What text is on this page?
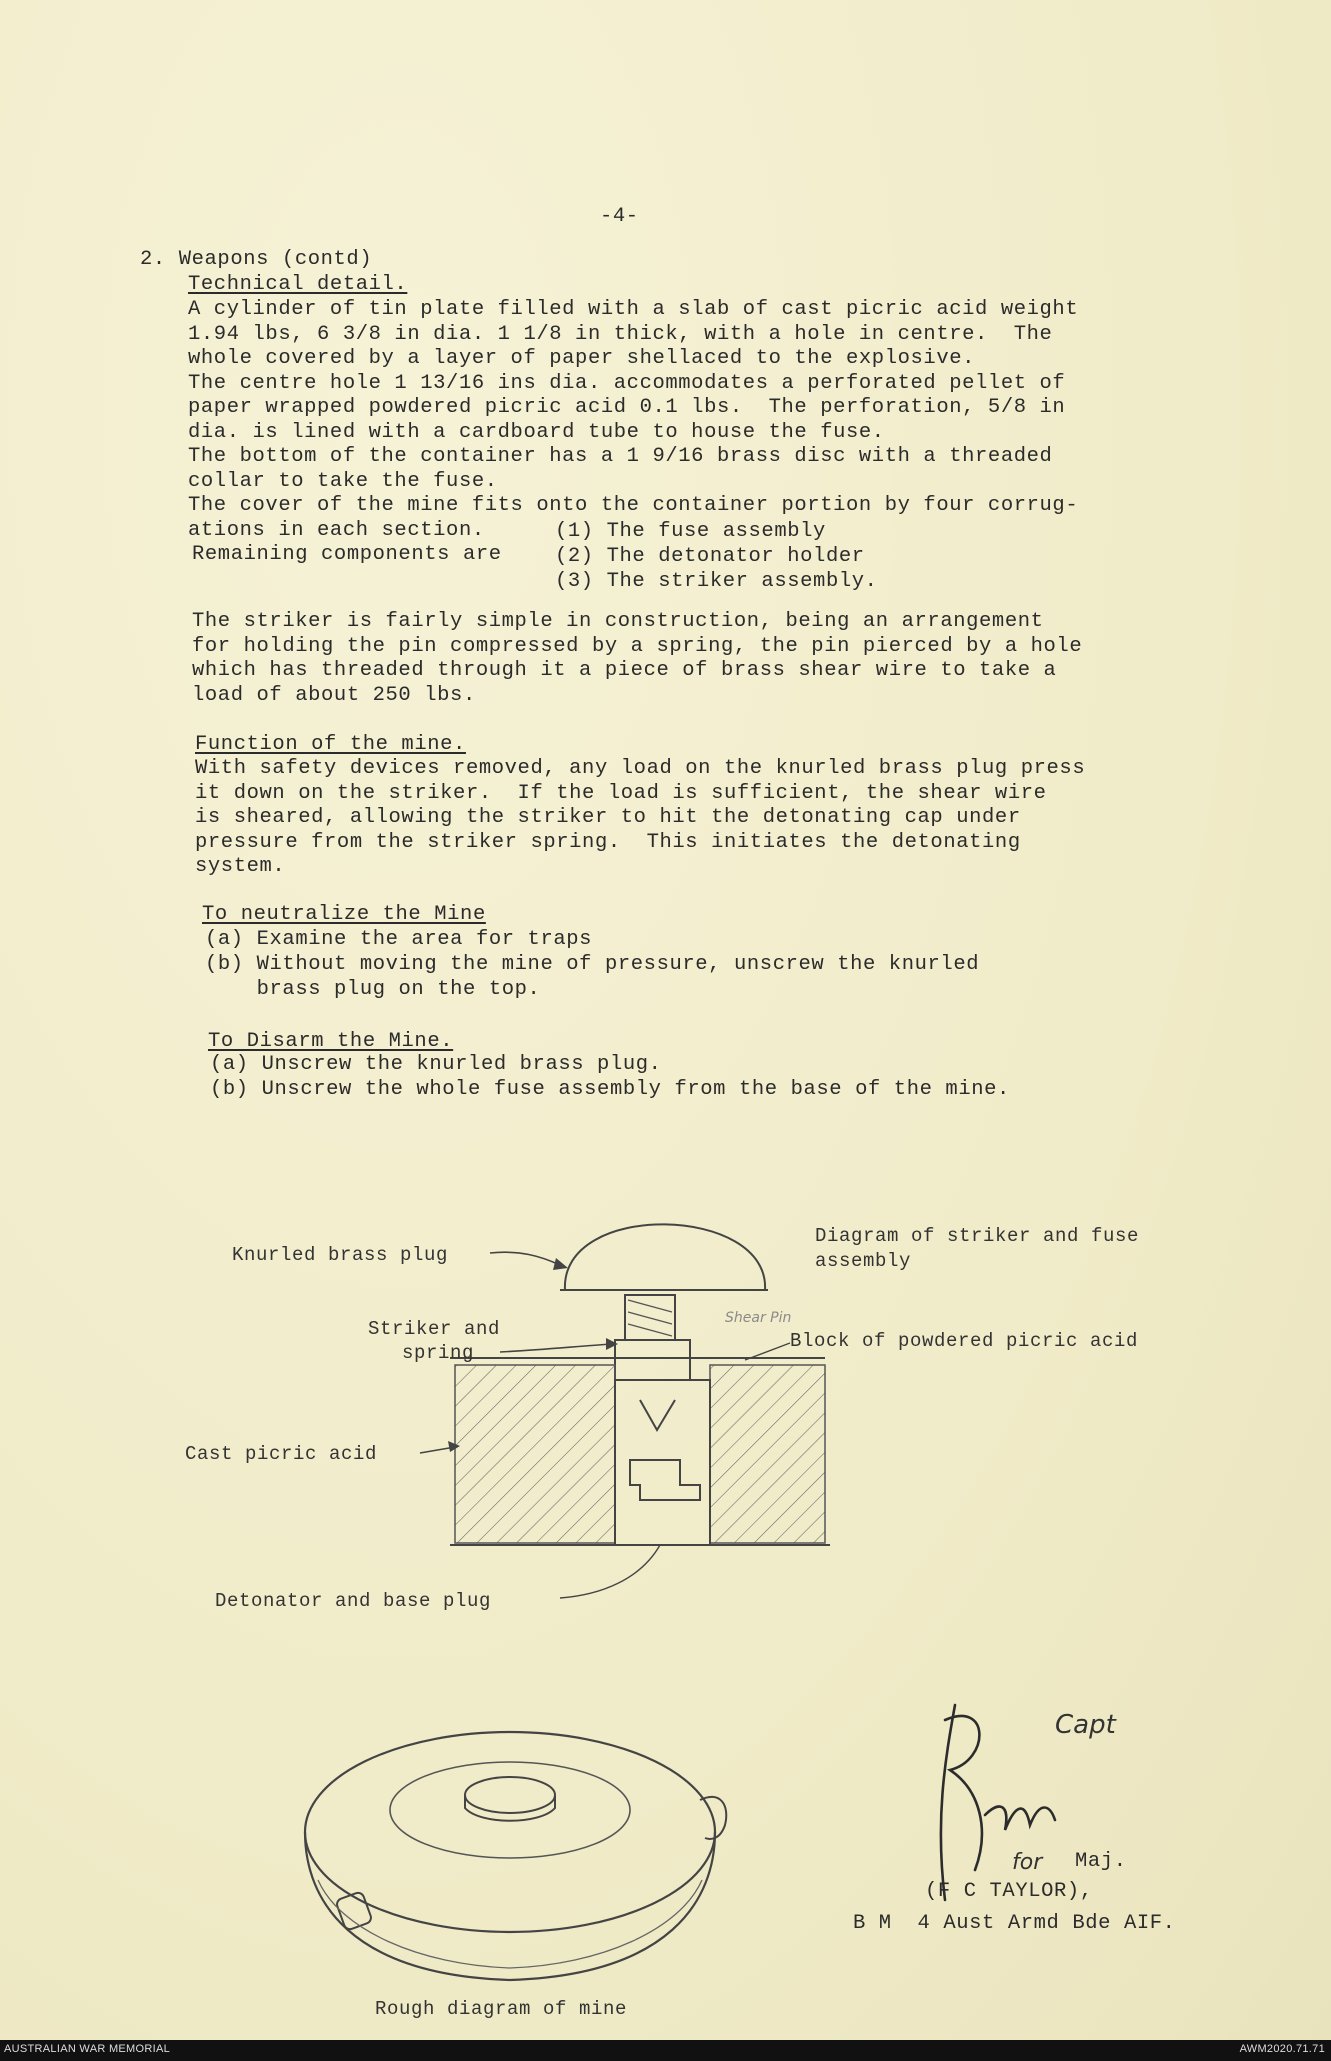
-4-
2. Weapons (contd)
Technical detail.
A cylinder of tin plate filled with a slab of cast picric acid weight
1.94 lbs, 6 3/8 in dia. 1 1/8 in thick, with a hole in centre.  The
whole covered by a layer of paper shellaced to the explosive.
The centre hole 1 13/16 ins dia. accommodates a perforated pellet of
paper wrapped powdered picric acid 0.1 lbs.  The perforation, 5/8 in
dia. is lined with a cardboard tube to house the fuse.
The bottom of the container has a 1 9/16 brass disc with a threaded
collar to take the fuse.
The cover of the mine fits onto the container portion by four corrug-
ations in each section.
Remaining components are
(1) The fuse assembly
(2) The detonator holder
(3) The striker assembly.
The striker is fairly simple in construction, being an arrangement
for holding the pin compressed by a spring, the pin pierced by a hole
which has threaded through it a piece of brass shear wire to take a
load of about 250 lbs.
Function of the mine.
With safety devices removed, any load on the knurled brass plug press
it down on the striker.  If the load is sufficient, the shear wire
is sheared, allowing the striker to hit the detonating cap under
pressure from the striker spring.  This initiates the detonating
system.
To neutralize the Mine
(a) Examine the area for traps
(b) Without moving the mine of pressure, unscrew the knurled
brass plug on the top.
To Disarm the Mine.
(a) Unscrew the knurled brass plug.
(b) Unscrew the whole fuse assembly from the base of the mine.
Knurled brass plug
Diagram of striker and fuse
assembly
Striker and
spring
Shear Pin
Block of powdered picric acid
Cast picric acid
Detonator and base plug
Rough diagram of mine
Capt
for Maj.
(F C TAYLOR),
B M  4 Aust Armd Bde AIF.
AUSTRALIAN WAR MEMORIAL	AWM2020.71.71
